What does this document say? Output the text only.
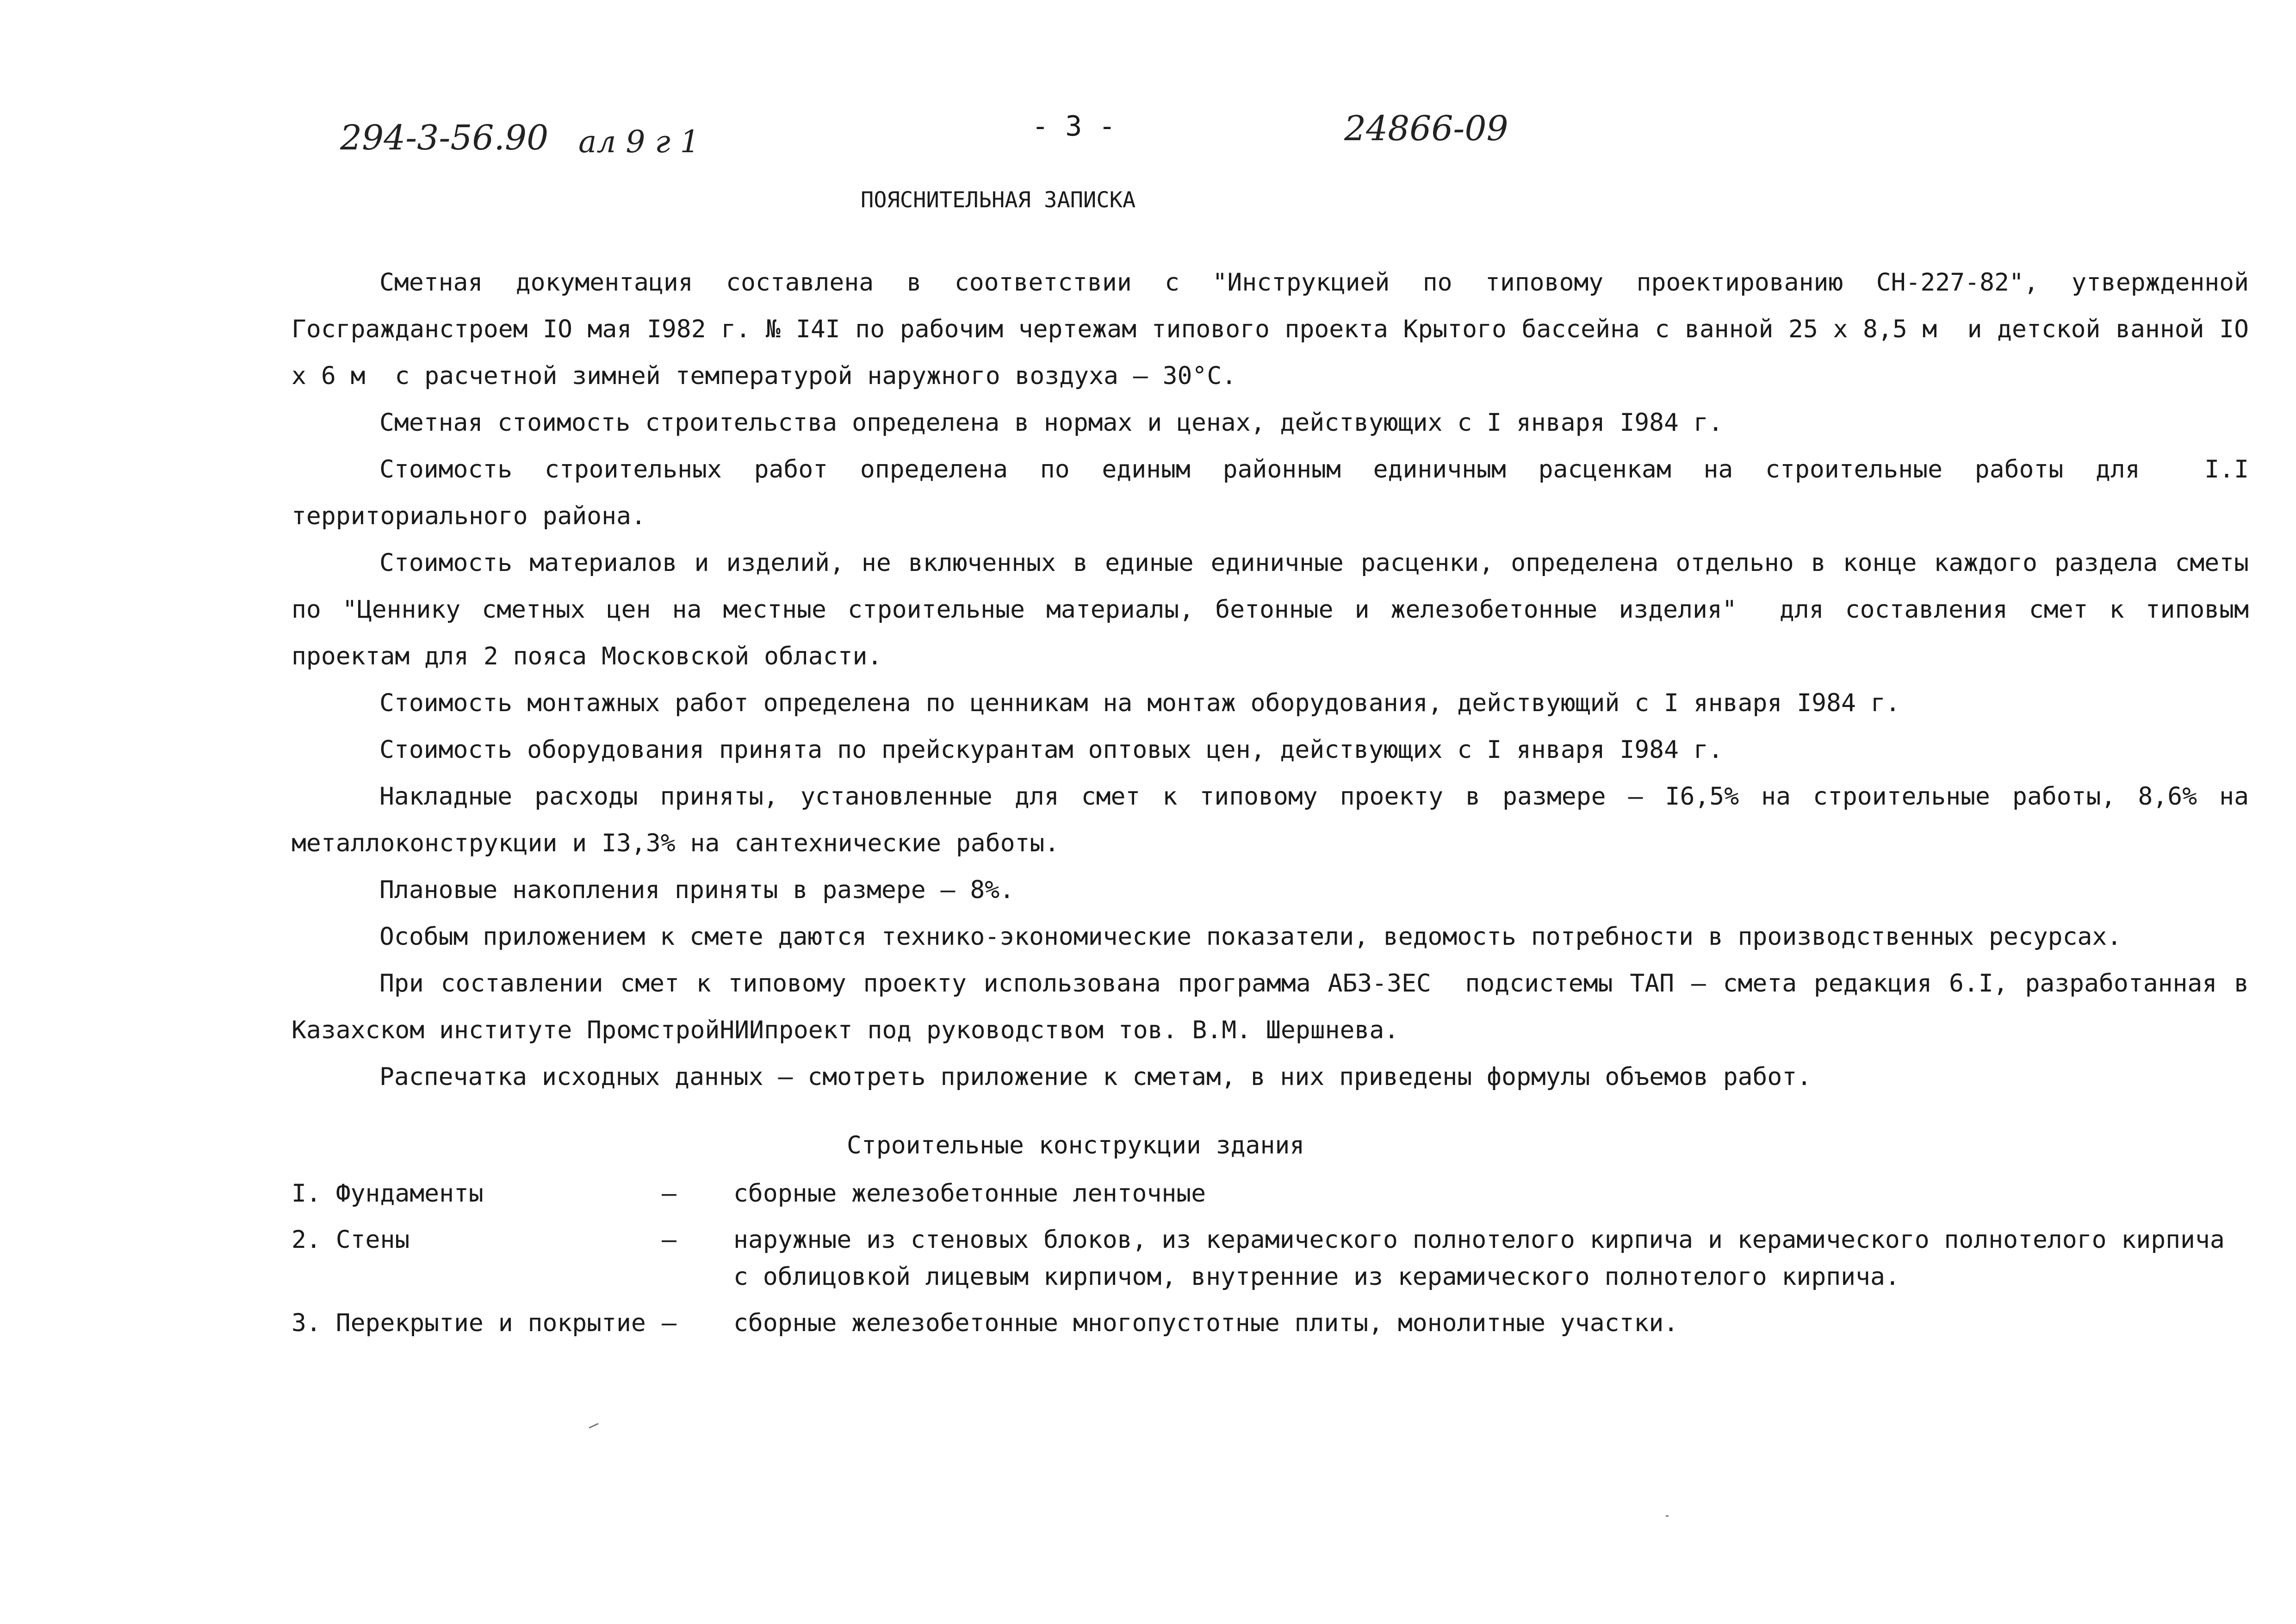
294-3-56.90 ал 9 г 1	- 3 -	24866-09
ПОЯСНИТЕЛЬНАЯ ЗАПИСКА

Сметная документация составлена в соответствии с "Инструкцией по типовому проектированию СН-227-82", утвержденной Госгражданстроем IO мая I982 г. № I4I по рабочим чертежам типового проекта Крытого бассейна с ванной 25 х 8,5 м  и детской ванной IO х 6 м  с расчетной зимней температурой наружного воздуха – 30°С.

Сметная стоимость строительства определена в нормах и ценах, действующих с I января I984 г.

Стоимость строительных работ определена по единым районным единичным расценкам на строительные работы для  I.I  территориального района.

Стоимость материалов и изделий, не включенных в единые единичные расценки, определена отдельно в конце каждого раздела сметы по "Ценнику сметных цен на местные строительные материалы, бетонные и железобетонные изделия"  для составления смет к типовым проектам для 2 пояса Московской области.

Стоимость монтажных работ определена по ценникам на монтаж оборудования, действующий с I января I984 г.

Стоимость оборудования принята по прейскурантам оптовых цен, действующих с I января I984 г.

Накладные расходы приняты, установленные для смет к типовому проекту в размере – I6,5% на строительные работы, 8,6% на металлоконструкции и I3,3% на сантехнические работы.

Плановые накопления приняты в размере – 8%.

Особым приложением к смете даются технико-экономические показатели, ведомость потребности в производственных ресурсах.

При составлении смет к типовому проекту использована программа АБЗ-ЗЕС  подсистемы ТАП – смета редакция 6.I, разработанная в Казахском институте ПромстройНИИпроект под руководством тов. В.М. Шершнева.

Распечатка исходных данных – смотреть приложение к сметам, в них приведены формулы объемов работ.

Строительные конструкции здания
I. Фундаменты	– сборные железобетонные ленточные
2. Стены	– наружные из стеновых блоков, из керамического полнотелого кирпича и керамического полнотелого кирпича
с облицовкой лицевым кирпичом, внутренние из керамического полнотелого кирпича.
3. Перекрытие и покрытие – сборные железобетонные многопустотные плиты, монолитные участки.
